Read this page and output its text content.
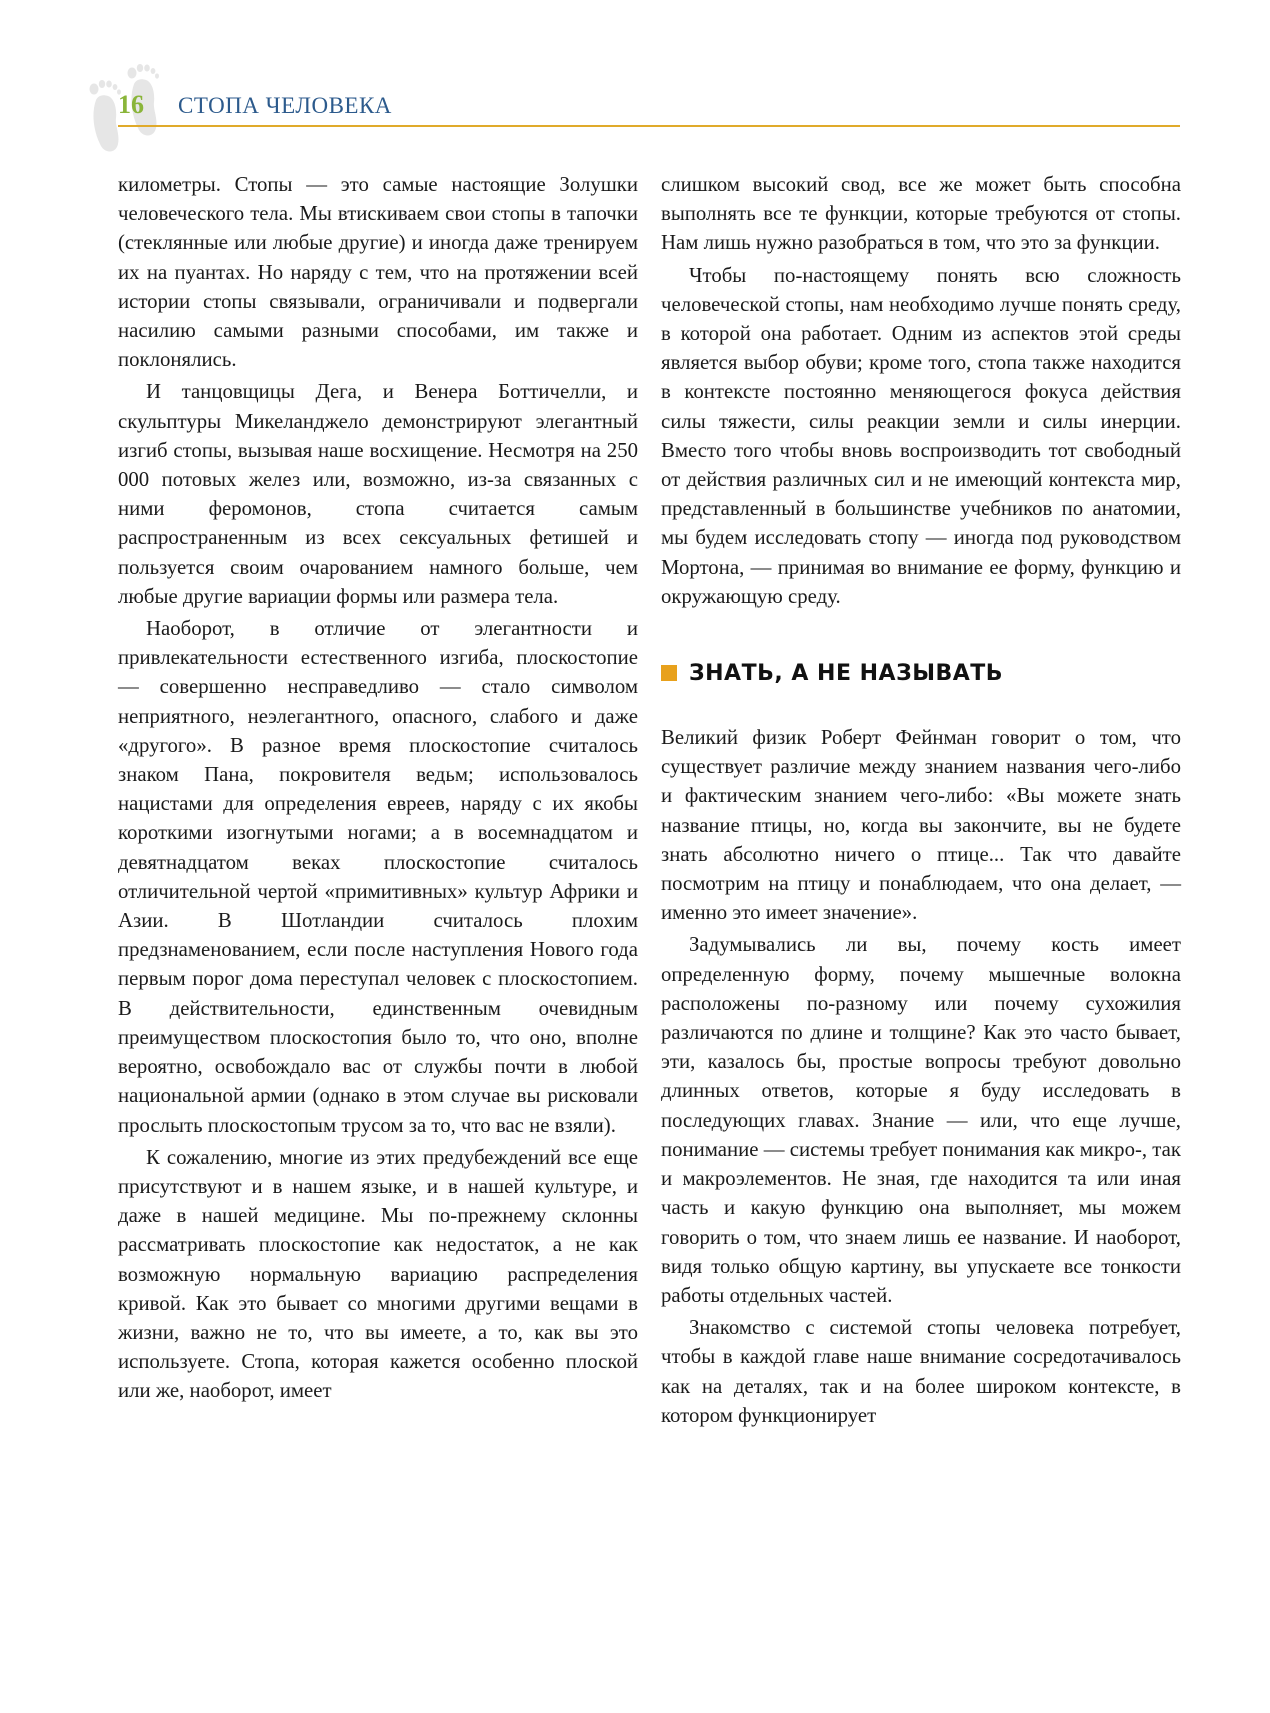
16 СТОПА ЧЕЛОВЕКА

километры. Стопы — это самые настоящие Золушки человеческого тела. Мы втискиваем свои стопы в тапочки (стеклянные или любые другие) и иногда даже тренируем их на пуантах. Но наряду с тем, что на протяжении всей истории стопы связывали, ограничивали и подвергали насилию самыми разными способами, им также и поклонялись.

И танцовщицы Дега, и Венера Боттичелли, и скульптуры Микеланджело демонстрируют элегантный изгиб стопы, вызывая наше восхищение. Несмотря на 250 000 потовых желез или, возможно, из-за связанных с ними феромонов, стопа считается самым распространенным из всех сексуальных фетишей и пользуется своим очарованием намного больше, чем любые другие вариации формы или размера тела.

Наоборот, в отличие от элегантности и привлекательности естественного изгиба, плоскостопие — совершенно несправедливо — стало символом неприятного, неэлегантного, опасного, слабого и даже «другого». В разное время плоскостопие считалось знаком Пана, покровителя ведьм; использовалось нацистами для определения евреев, наряду с их якобы короткими изогнутыми ногами; а в восемнадцатом и девятнадцатом веках плоскостопие считалось отличительной чертой «примитивных» культур Африки и Азии. В Шотландии считалось плохим предзнаменованием, если после наступления Нового года первым порог дома переступал человек с плоскостопием. В действительности, единственным очевидным преимуществом плоскостопия было то, что оно, вполне вероятно, освобождало вас от службы почти в любой национальной армии (однако в этом случае вы рисковали прослыть плоскостопым трусом за то, что вас не взяли).

К сожалению, многие из этих предубеждений все еще присутствуют и в нашем языке, и в нашей культуре, и даже в нашей медицине. Мы по-прежнему склонны рассматривать плоскостопие как недостаток, а не как возможную нормальную вариацию распределения кривой. Как это бывает со многими другими вещами в жизни, важно не то, что вы имеете, а то, как вы это используете. Стопа, которая кажется особенно плоской или же, наоборот, имеет

слишком высокий свод, все же может быть способна выполнять все те функции, которые требуются от стопы. Нам лишь нужно разобраться в том, что это за функции.

Чтобы по-настоящему понять всю сложность человеческой стопы, нам необходимо лучше понять среду, в которой она работает. Одним из аспектов этой среды является выбор обуви; кроме того, стопа также находится в контексте постоянно меняющегося фокуса действия силы тяжести, силы реакции земли и силы инерции. Вместо того чтобы вновь воспроизводить тот свободный от действия различных сил и не имеющий контекста мир, представленный в большинстве учебников по анатомии, мы будем исследовать стопу — иногда под руководством Мортона, — принимая во внимание ее форму, функцию и окружающую среду.

ЗНАТЬ, А НЕ НАЗЫВАТЬ

Великий физик Роберт Фейнман говорит о том, что существует различие между знанием названия чего-либо и фактическим знанием чего-либо: «Вы можете знать название птицы, но, когда вы закончите, вы не будете знать абсолютно ничего о птице... Так что давайте посмотрим на птицу и понаблюдаем, что она делает, — именно это имеет значение».

Задумывались ли вы, почему кость имеет определенную форму, почему мышечные волокна расположены по-разному или почему сухожилия различаются по длине и толщине? Как это часто бывает, эти, казалось бы, простые вопросы требуют довольно длинных ответов, которые я буду исследовать в последующих главах. Знание — или, что еще лучше, понимание — системы требует понимания как микро-, так и макроэлементов. Не зная, где находится та или иная часть и какую функцию она выполняет, мы можем говорить о том, что знаем лишь ее название. И наоборот, видя только общую картину, вы упускаете все тонкости работы отдельных частей.

Знакомство с системой стопы человека потребует, чтобы в каждой главе наше внимание сосредотачивалось как на деталях, так и на более широком контексте, в котором функционирует
